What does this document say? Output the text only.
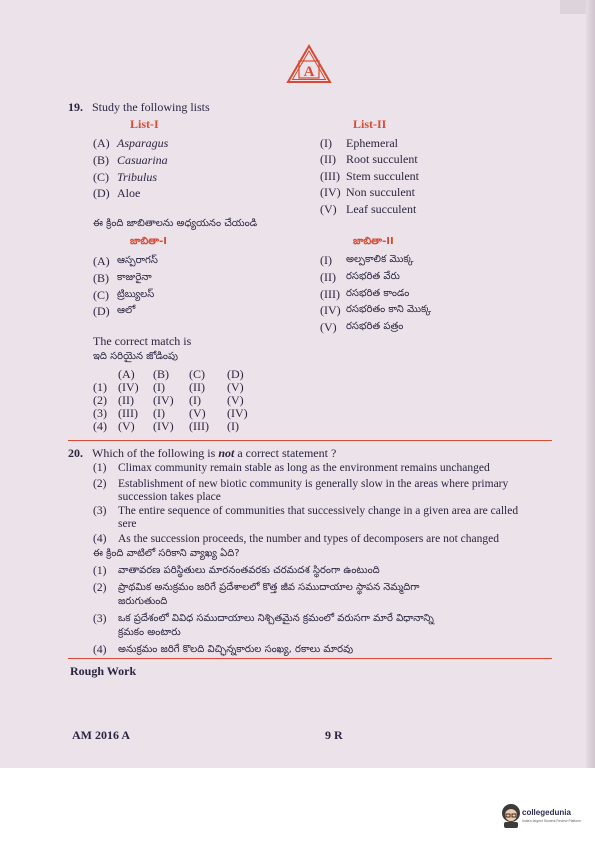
A
19. Study the following lists
List-I	List-II
(A) Asparagus
(B) Casuarina
(C) Tribulus
(D) Aloe
(I) Ephemeral
(II) Root succulent
(III) Stem succulent
(IV) Non succulent
(V) Leaf succulent
ఈ క్రింది జాబితాలను అధ్యయనం చేయండి
జాబితా-I	జాబితా-II
(A) ఆస్పరాగస్
(B) కాజురైనా
(C) ట్రిబ్యులస్
(D) ఆలో
(I) అల్పకాలిక మొక్క
(II) రసభరిత వేరు
(III) రసభరిత కాండం
(IV) రసభరితం కాని మొక్క
(V) రసభరిత పత్రం
The correct match is
ఇది సరియైన జోడింపు
(A) (B) (C) (D)
(1) (IV) (I) (II) (V)
(2) (II) (IV) (I) (V)
(3) (III) (I) (V) (IV)
(4) (V) (IV) (III) (I)
20. Which of the following is not a correct statement ?
(1) Climax community remain stable as long as the environment remains unchanged
(2) Establishment of new biotic community is generally slow in the areas where primary
succession takes place
(3) The entire sequence of communities that successively change in a given area are called
sere
(4) As the succession proceeds, the number and types of decomposers are not changed
ఈ క్రింది వాటిలో సరికాని వ్యాఖ్య ఏది?
(1) వాతావరణ పరిస్థితులు మారనంతవరకు చరమదశ స్థిరంగా ఉంటుంది
(2) ప్రాథమిక అనుక్రమం జరిగే ప్రదేశాలలో కొత్త జీవ సముదాయాల స్థాపన నెమ్మదిగా
జరుగుతుంది
(3) ఒక ప్రదేశంలో వివిధ సముదాయాలు నిశ్చితమైన క్రమంలో వరుసగా మారే విధానాన్ని
క్రమకం అంటారు
(4) అనుక్రమం జరిగే కొలది విచ్ఛిన్నకారుల సంఖ్య, రకాలు మారవు
Rough Work
AM 2016 A	9 R
collegedunia
India's largest Student Review Platform
